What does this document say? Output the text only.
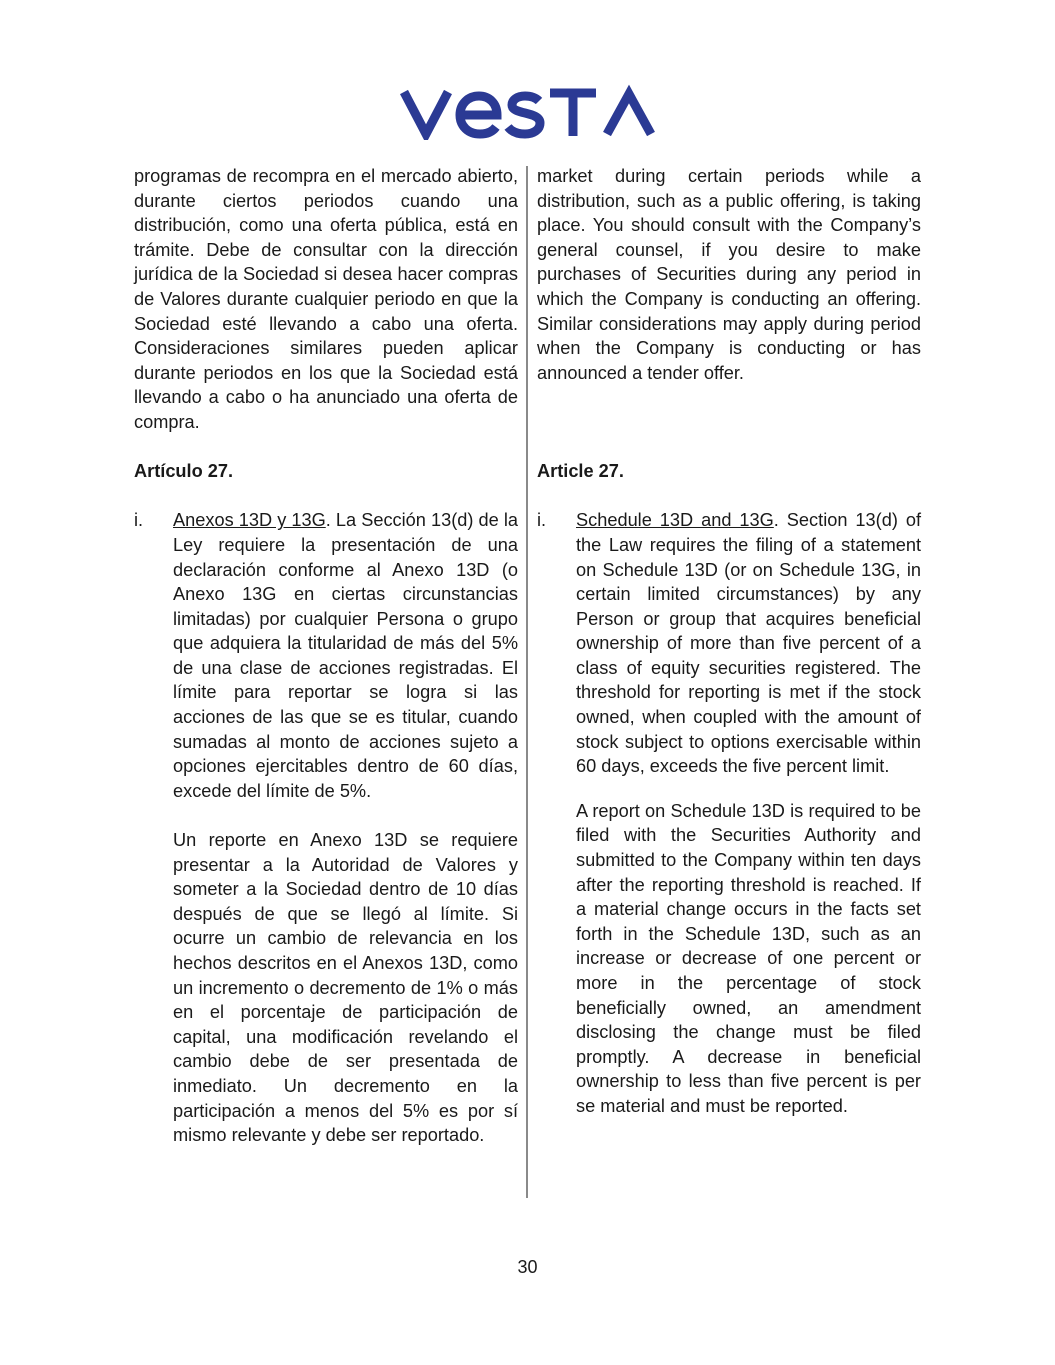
programas de recompra en el mercado abierto, durante ciertos periodos cuando una distribución, como una oferta pública, está en trámite. Debe de consultar con la dirección jurídica de la Sociedad si desea hacer compras de Valores durante cualquier periodo en que la Sociedad esté llevando a cabo una oferta. Consideraciones similares pueden aplicar durante periodos en los que la Sociedad está llevando a cabo o ha anunciado una oferta de compra.

Artículo 27.

i. Anexos 13D y 13G. La Sección 13(d) de la Ley requiere la presentación de una declaración conforme al Anexo 13D (o Anexo 13G en ciertas circunstancias limitadas) por cualquier Persona o grupo que adquiera la titularidad de más del 5% de una clase de acciones registradas. El límite para reportar se logra si las acciones de las que se es titular, cuando sumadas al monto de acciones sujeto a opciones ejercitables dentro de 60 días, excede del límite de 5%.

Un reporte en Anexo 13D se requiere presentar a la Autoridad de Valores y someter a la Sociedad dentro de 10 días después de que se llegó al límite. Si ocurre un cambio de relevancia en los hechos descritos en el Anexos 13D, como un incremento o decremento de 1% o más en el porcentaje de participación de capital, una modificación revelando el cambio debe de ser presentada de inmediato. Un decremento en la participación a menos del 5% es por sí mismo relevante y debe ser reportado.

market during certain periods while a distribution, such as a public offering, is taking place. You should consult with the Company’s general counsel, if you desire to make purchases of Securities during any period in which the Company is conducting an offering. Similar considerations may apply during period when the Company is conducting or has announced a tender offer.

Article 27.

i. Schedule 13D and 13G. Section 13(d) of the Law requires the filing of a statement on Schedule 13D (or on Schedule 13G, in certain limited circumstances) by any Person or group that acquires beneficial ownership of more than five percent of a class of equity securities registered. The threshold for reporting is met if the stock owned, when coupled with the amount of stock subject to options exercisable within 60 days, exceeds the five percent limit.

A report on Schedule 13D is required to be filed with the Securities Authority and submitted to the Company within ten days after the reporting threshold is reached. If a material change occurs in the facts set forth in the Schedule 13D, such as an increase or decrease of one percent or more in the percentage of stock beneficially owned, an amendment disclosing the change must be filed promptly. A decrease in beneficial ownership to less than five percent is per se material and must be reported.

30
